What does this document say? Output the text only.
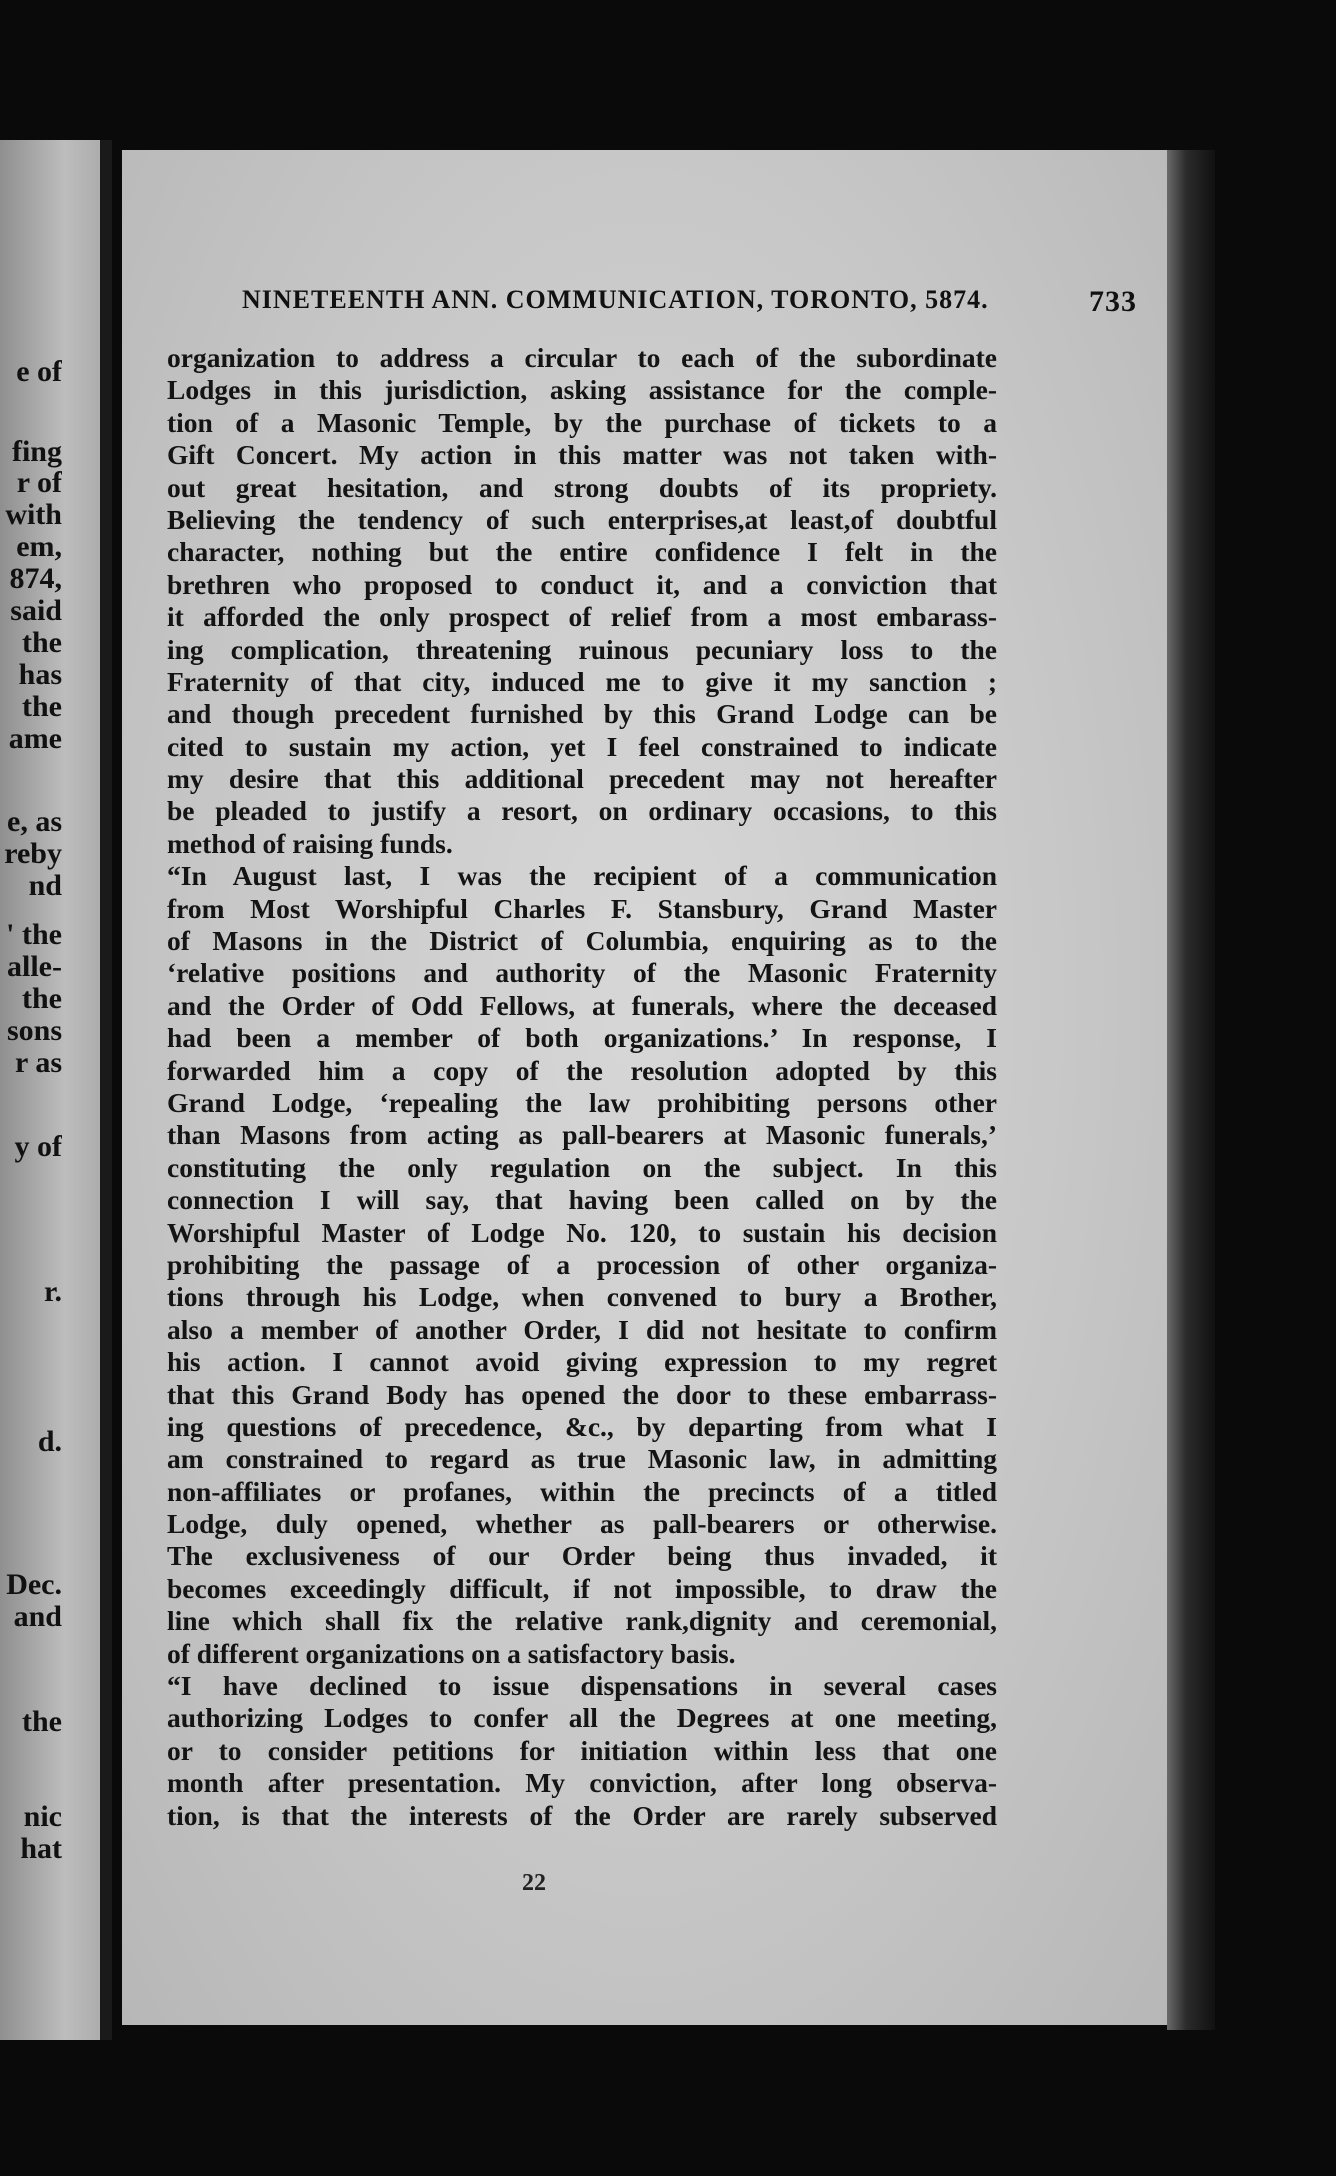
e of
fing
r of
with
em,
874,
said
the
has
the
ame
e, as
reby
nd
' the
alle-
the
sons
r as
y of
r.
d.
Dec.
and
the
nic
hat
NINETEENTH ANN. COMMUNICATION, TORONTO, 5874.	733
organization to address a circular to each of the subordinate
Lodges in this jurisdiction, asking assistance for the comple-
tion of a Masonic Temple, by the purchase of tickets to a
Gift Concert. My action in this matter was not taken with-
out great hesitation, and strong doubts of its propriety.
Believing the tendency of such enterprises,at least,of doubtful
character, nothing but the entire confidence I felt in the
brethren who proposed to conduct it, and a conviction that
it afforded the only prospect of relief from a most embarass-
ing complication, threatening ruinous pecuniary loss to the
Fraternity of that city, induced me to give it my sanction ;
and though precedent furnished by this Grand Lodge can be
cited to sustain my action, yet I feel constrained to indicate
my desire that this additional precedent may not hereafter
be pleaded to justify a resort, on ordinary occasions, to this
method of raising funds.
“In August last, I was the recipient of a communication
from Most Worshipful Charles F. Stansbury, Grand Master
of Masons in the District of Columbia, enquiring as to the
‘relative positions and authority of the Masonic Fraternity
and the Order of Odd Fellows, at funerals, where the deceased
had been a member of both organizations.’ In response, I
forwarded him a copy of the resolution adopted by this
Grand Lodge, ‘repealing the law prohibiting persons other
than Masons from acting as pall-bearers at Masonic funerals,’
constituting the only regulation on the subject. In this
connection I will say, that having been called on by the
Worshipful Master of Lodge No. 120, to sustain his decision
prohibiting the passage of a procession of other organiza-
tions through his Lodge, when convened to bury a Brother,
also a member of another Order, I did not hesitate to confirm
his action. I cannot avoid giving expression to my regret
that this Grand Body has opened the door to these embarrass-
ing questions of precedence, &c., by departing from what I
am constrained to regard as true Masonic law, in admitting
non-affiliates or profanes, within the precincts of a titled
Lodge, duly opened, whether as pall-bearers or otherwise.
The exclusiveness of our Order being thus invaded, it
becomes exceedingly difficult, if not impossible, to draw the
line which shall fix the relative rank,dignity and ceremonial,
of different organizations on a satisfactory basis.
“I have declined to issue dispensations in several cases
authorizing Lodges to confer all the Degrees at one meeting,
or to consider petitions for initiation within less that one
month after presentation. My conviction, after long observa-
tion, is that the interests of the Order are rarely subserved
22
